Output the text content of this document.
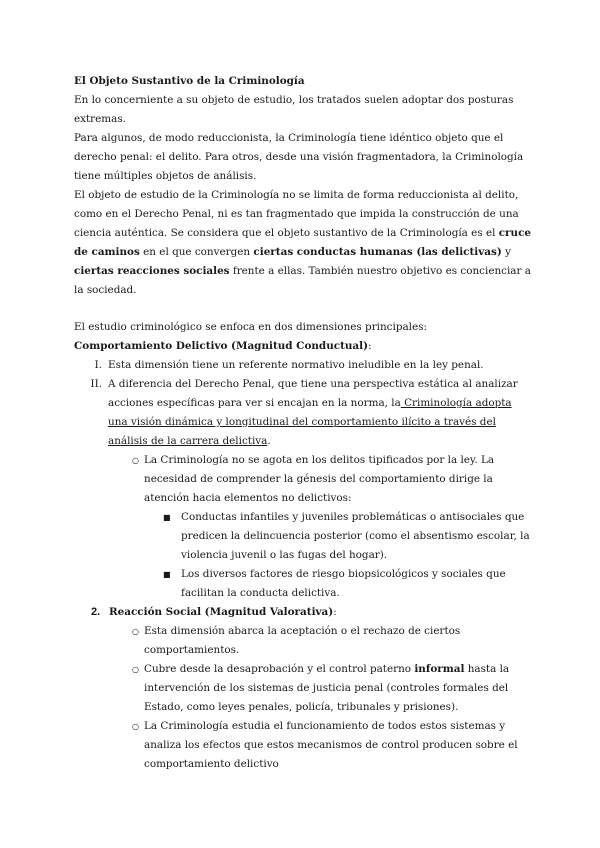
El Objeto Sustantivo de la Criminología

En lo concerniente a su objeto de estudio, los tratados suelen adoptar dos posturas extremas.

Para algunos, de modo reduccionista, la Criminología tiene idéntico objeto que el derecho penal: el delito. Para otros, desde una visión fragmentadora, la Criminología tiene múltiples objetos de análisis.

El objeto de estudio de la Criminología no se limita de forma reduccionista al delito, como en el Derecho Penal, ni es tan fragmentado que impida la construcción de una ciencia auténtica. Se considera que el objeto sustantivo de la Criminología es el cruce de caminos en el que convergen ciertas conductas humanas (las delictivas) y ciertas reacciones sociales frente a ellas. También nuestro objetivo es concienciar a la sociedad.

El estudio criminológico se enfoca en dos dimensiones principales:

Comportamiento Delictivo (Magnitud Conductual):

I. Esta dimensión tiene un referente normativo ineludible en la ley penal.
II. A diferencia del Derecho Penal, que tiene una perspectiva estática al analizar acciones específicas para ver si encajan en la norma, la Criminología adopta una visión dinámica y longitudinal del comportamiento ilícito a través del análisis de la carrera delictiva.
○ La Criminología no se agota en los delitos tipificados por la ley. La necesidad de comprender la génesis del comportamiento dirige la atención hacia elementos no delictivos:
■ Conductas infantiles y juveniles problemáticas o antisociales que predicen la delincuencia posterior (como el absentismo escolar, la violencia juvenil o las fugas del hogar).
■ Los diversos factores de riesgo biopsicológicos y sociales que facilitan la conducta delictiva.
2. Reacción Social (Magnitud Valorativa):
○ Esta dimensión abarca la aceptación o el rechazo de ciertos comportamientos.
○ Cubre desde la desaprobación y el control paterno informal hasta la intervención de los sistemas de justicia penal (controles formales del Estado, como leyes penales, policía, tribunales y prisiones).
○ La Criminología estudia el funcionamiento de todos estos sistemas y analiza los efectos que estos mecanismos de control producen sobre el comportamiento delictivo
